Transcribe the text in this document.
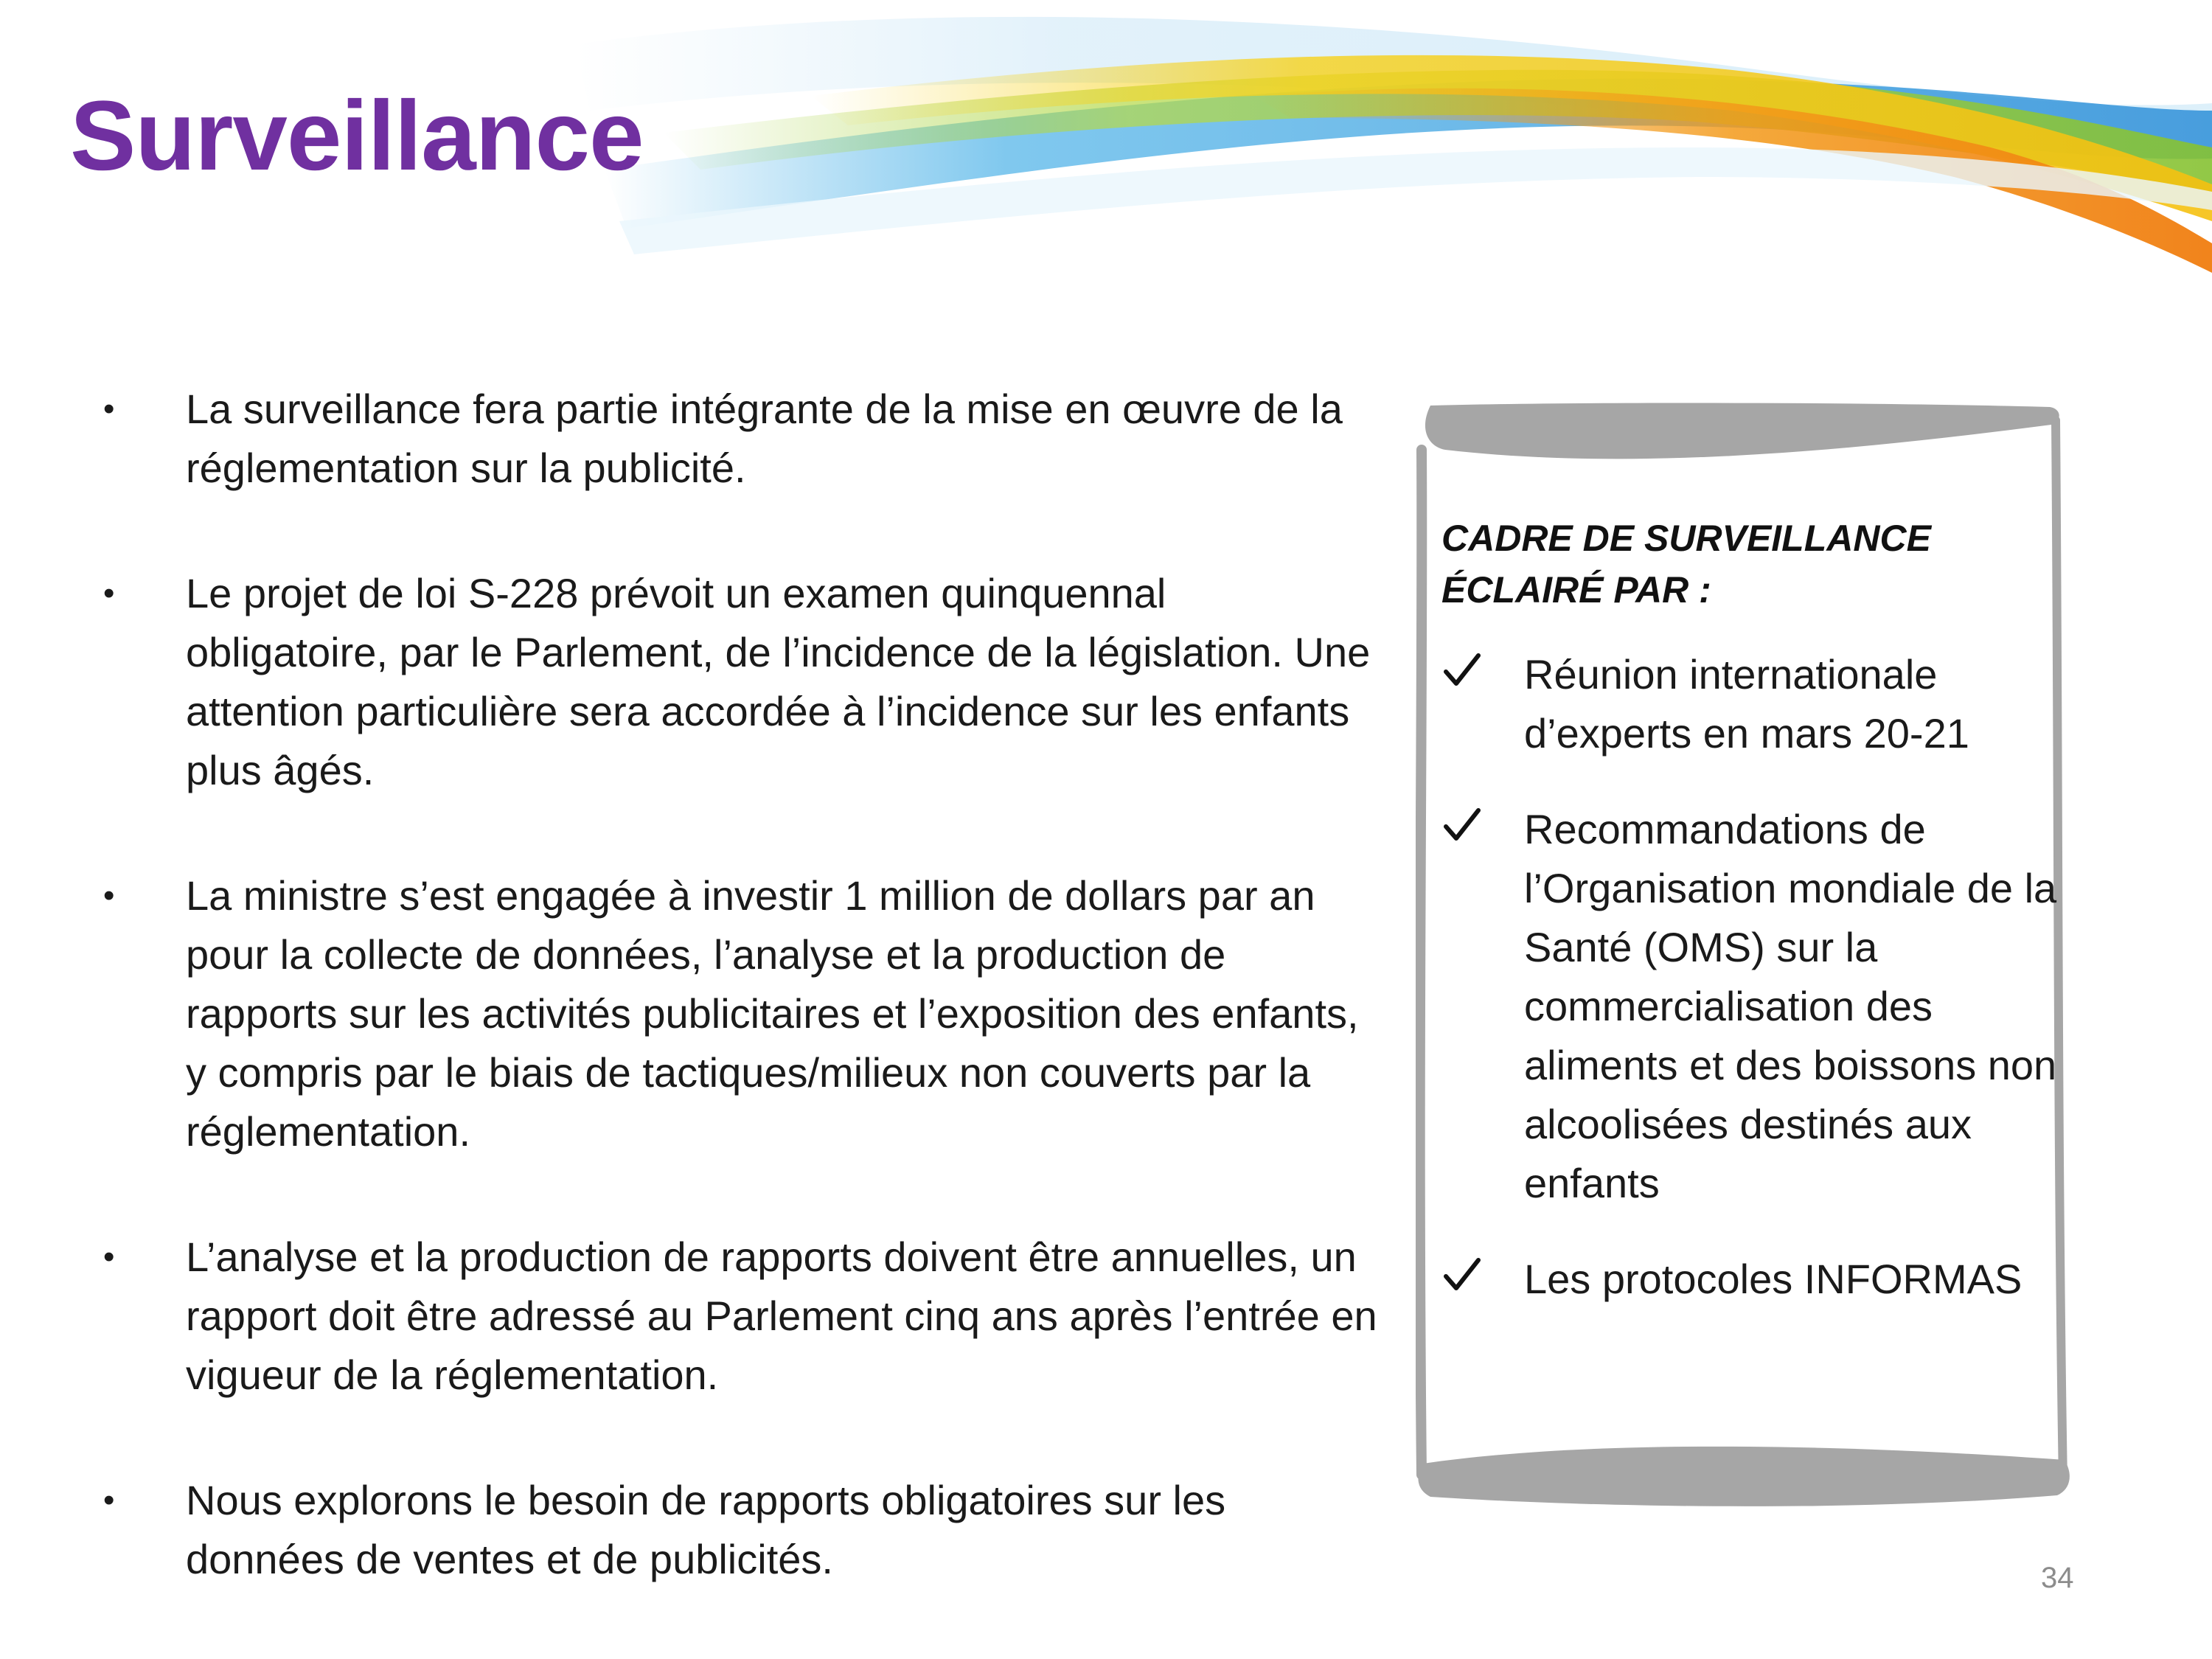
Surveillance
• La surveillance fera partie intégrante de la mise en œuvre de la réglementation sur la publicité.
• Le projet de loi S-228 prévoit un examen quinquennal obligatoire, par le Parlement, de l’incidence de la législation. Une attention particulière sera accordée à l’incidence sur les enfants plus âgés.
• La ministre s’est engagée à investir 1 million de dollars par an pour la collecte de données, l’analyse et la production de rapports sur les activités publicitaires et l’exposition des enfants, y compris par le biais de tactiques/milieux non couverts par la réglementation.
• L’analyse et la production de rapports doivent être annuelles, un rapport doit être adressé au Parlement cinq ans après l’entrée en vigueur de la réglementation.
• Nous explorons le besoin de rapports obligatoires sur les données de ventes et de publicités.

CADRE DE SURVEILLANCE
ÉCLAIRÉ PAR :

Réunion internationale d’experts en mars 20-21
Recommandations de l’Organisation mondiale de la Santé (OMS) sur la commercialisation des aliments et des boissons non alcoolisées destinés aux enfants
Les protocoles INFORMAS
34
